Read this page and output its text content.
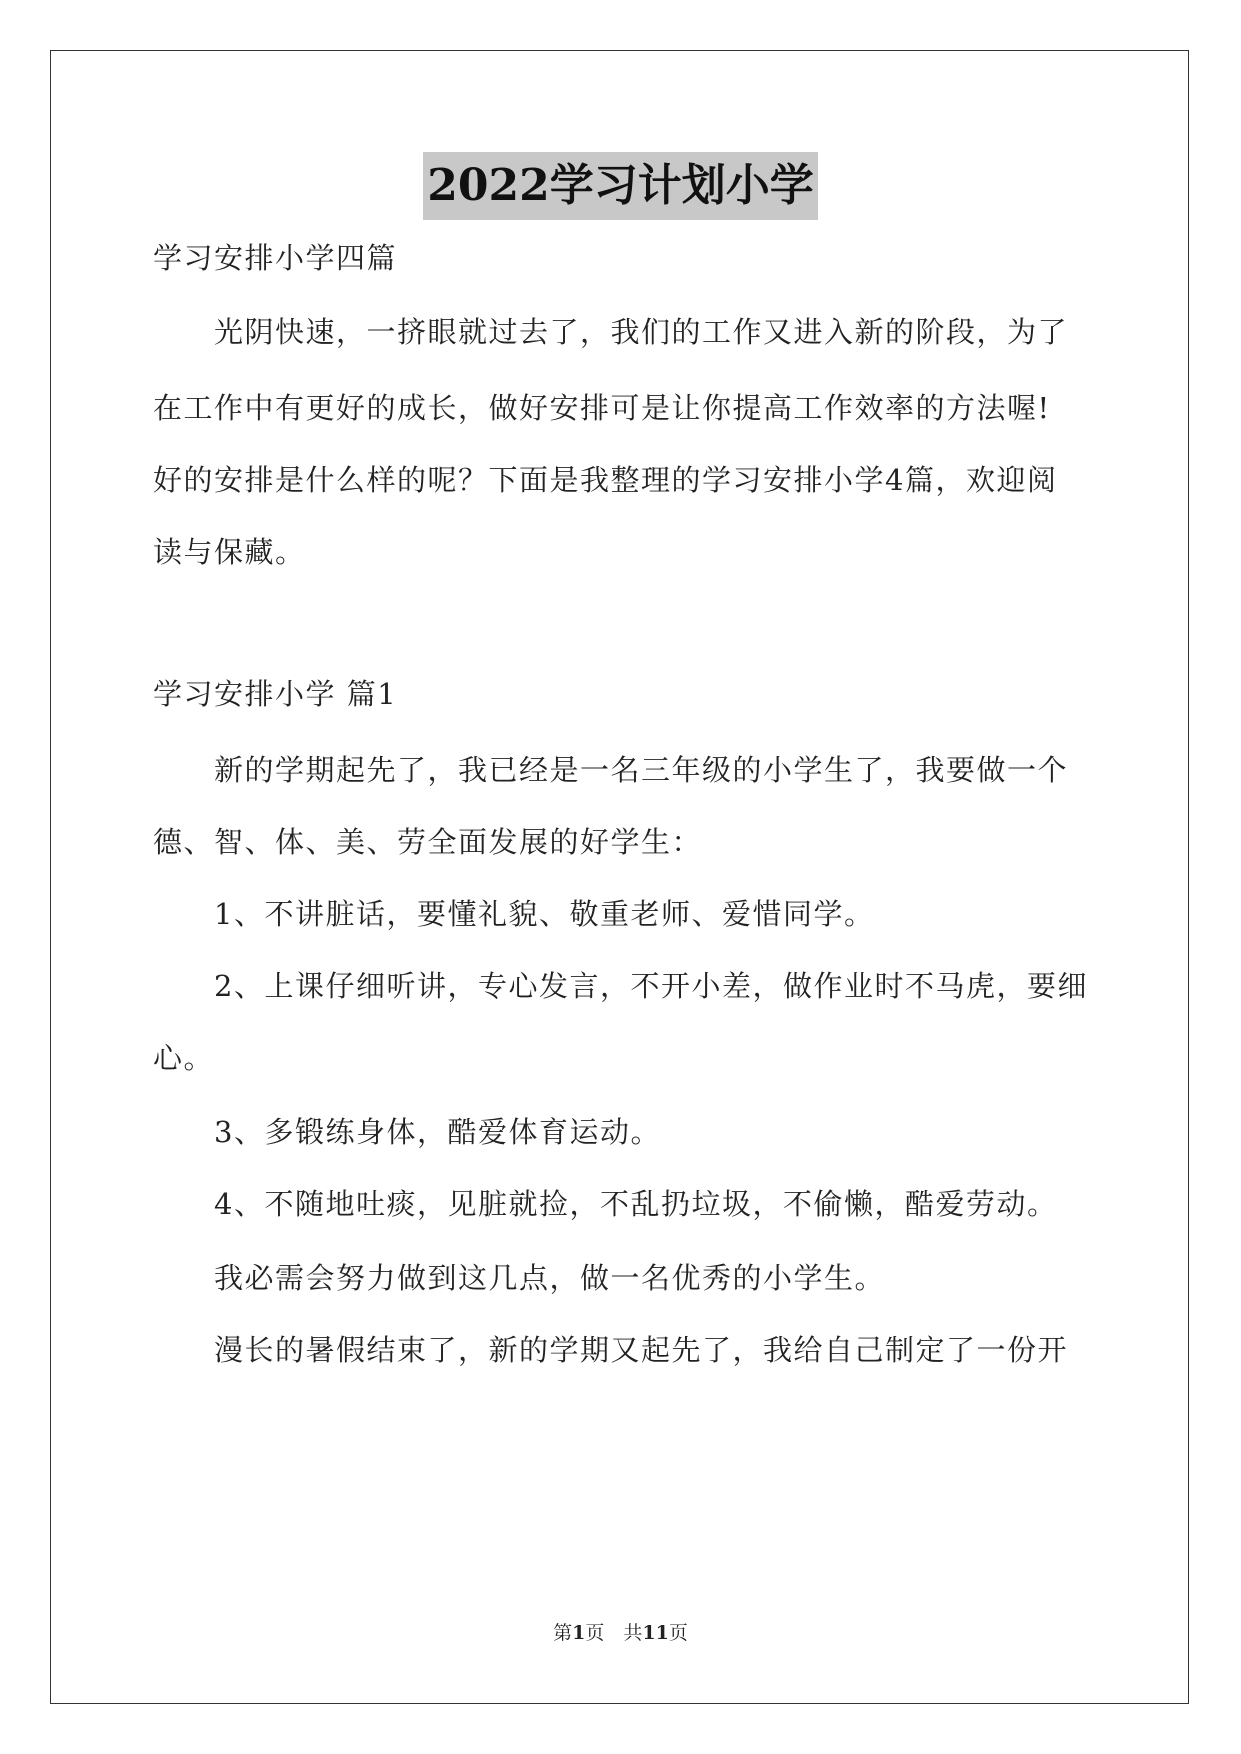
2022学习计划小学
学习安排小学四篇
光阴快速，一挤眼就过去了，我们的工作又进入新的阶段，为了
在工作中有更好的成长，做好安排可是让你提高工作效率的方法喔!
好的安排是什么样的呢？下面是我整理的学习安排小学4篇，欢迎阅
读与保藏。
学习安排小学 篇1
新的学期起先了，我已经是一名三年级的小学生了，我要做一个
德、智、体、美、劳全面发展的好学生：
1、不讲脏话，要懂礼貌、敬重老师、爱惜同学。
2、上课仔细听讲，专心发言，不开小差，做作业时不马虎，要细
心。
3、多锻练身体，酷爱体育运动。
4、不随地吐痰，见脏就捡，不乱扔垃圾，不偷懒，酷爱劳动。
我必需会努力做到这几点，做一名优秀的小学生。
漫长的暑假结束了，新的学期又起先了，我给自己制定了一份开
第1页　共11页
